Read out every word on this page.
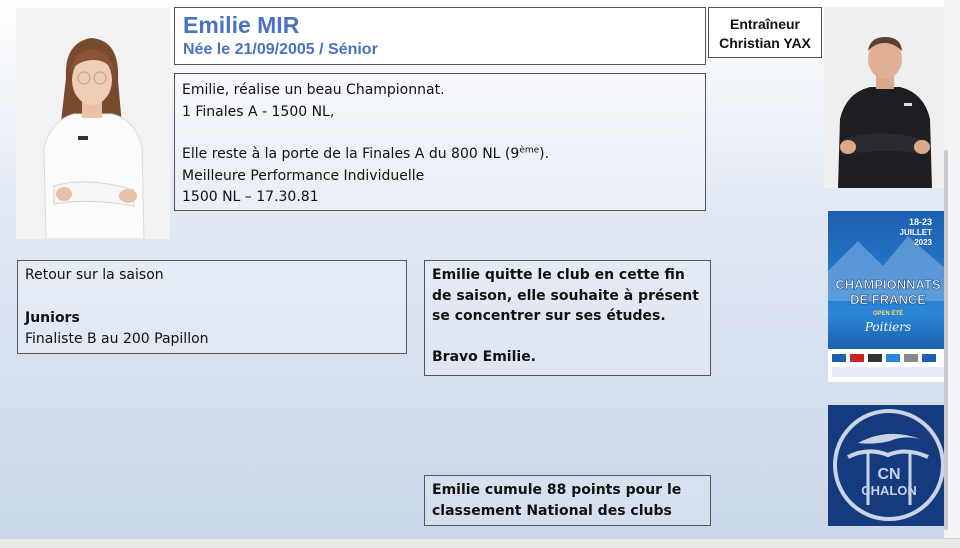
Emilie MIR
Née le 21/09/2005 / Sénior
Entraîneur
Christian YAX
Emilie, réalise un beau Championnat.
1 Finales A - 1500 NL,
Elle reste à la porte de la Finales A du 800 NL (9ème).
Meilleure Performance Individuelle
1500 NL – 17.30.81
Retour sur la saison
Juniors
Finaliste B au 200 Papillon
Emilie quitte le club en cette fin de saison, elle souhaite à présent se concentrer sur ses études.
Bravo Emilie.
Emilie cumule 88 points pour le classement National des clubs
18-23
JUILLET
2023
CHAMPIONNATS
DE FRANCE
OPEN ÉTÉ
Poitiers
CN
CHALON
